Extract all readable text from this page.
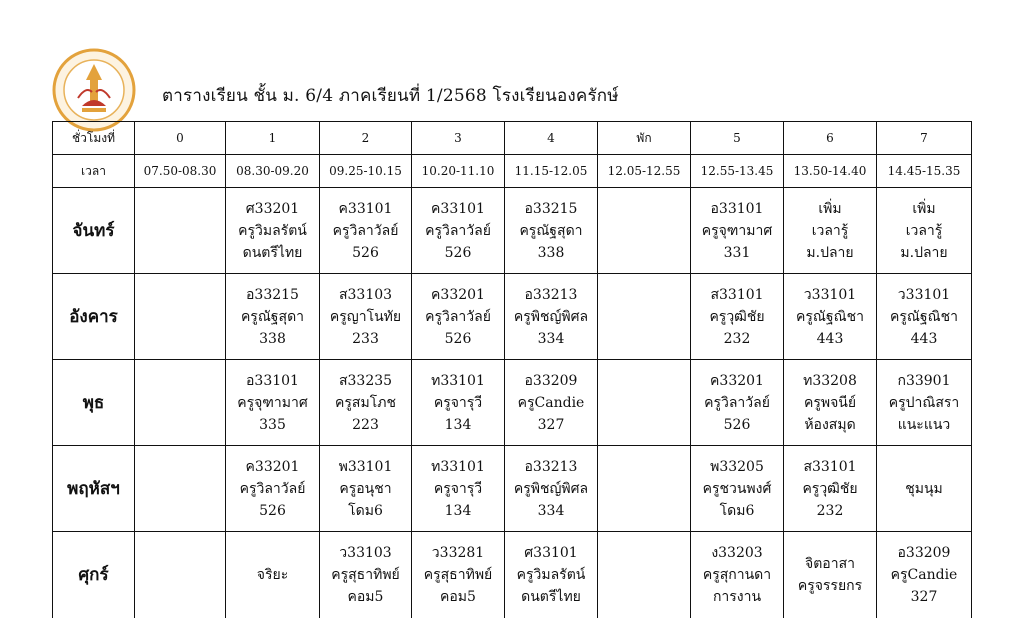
ตารางเรียน ชั้น ม. 6/4 ภาคเรียนที่ 1/2568 โรงเรียนองครักษ์
ชั่วโมงที่	0	1	2	3	4	พัก	5	6	7
เวลา	07.50-08.30	08.30-09.20	09.25-10.15	10.20-11.10	11.15-12.05	12.05-12.55	12.55-13.45	13.50-14.40	14.45-15.35
จันทร์		ศ33201
ครูวิมลรัตน์
ดนตรีไทย	ค33101
ครูวิลาวัลย์
526	ค33101
ครูวิลาวัลย์
526	อ33215
ครูณัฐสุดา
338		อ33101
ครูจุฑามาศ
331	เพิ่ม
เวลารู้
ม.ปลาย	เพิ่ม
เวลารู้
ม.ปลาย

อังคาร		อ33215
ครูณัฐสุดา
338	ส33103
ครูญาโนทัย
233	ค33201
ครูวิลาวัลย์
526	อ33213
ครูพิชญ์พิศล
334		ส33101
ครูวุฒิชัย
232	ว33101
ครูณัฐณิชา
443	ว33101
ครูณัฐณิชา
443

พุธ		อ33101
ครูจุฑามาศ
335	ส33235
ครูสมโภช
223	ท33101
ครูจารุวี
134	อ33209
ครูCandie
327		ค33201
ครูวิลาวัลย์
526	ท33208
ครูพจนีย์
ห้องสมุด	ก33901
ครูปาณิสรา
แนะแนว

พฤหัสฯ		ค33201
ครูวิลาวัลย์
526	พ33101
ครูอนุชา
โดม6	ท33101
ครูจารุวี
134	อ33213
ครูพิชญ์พิศล
334		พ33205
ครูชวนพงศ์
โดม6	ส33101
ครูวุฒิชัย
232	ชุมนุม

ศุกร์		จริยะ	ว33103
ครูสุธาทิพย์
คอม5	ว33281
ครูสุธาทิพย์
คอม5	ศ33101
ครูวิมลรัตน์
ดนตรีไทย		ง33203
ครูสุกานดา
การงาน	จิตอาสา
ครูจรรยกร	อ33209
ครูCandie
327
